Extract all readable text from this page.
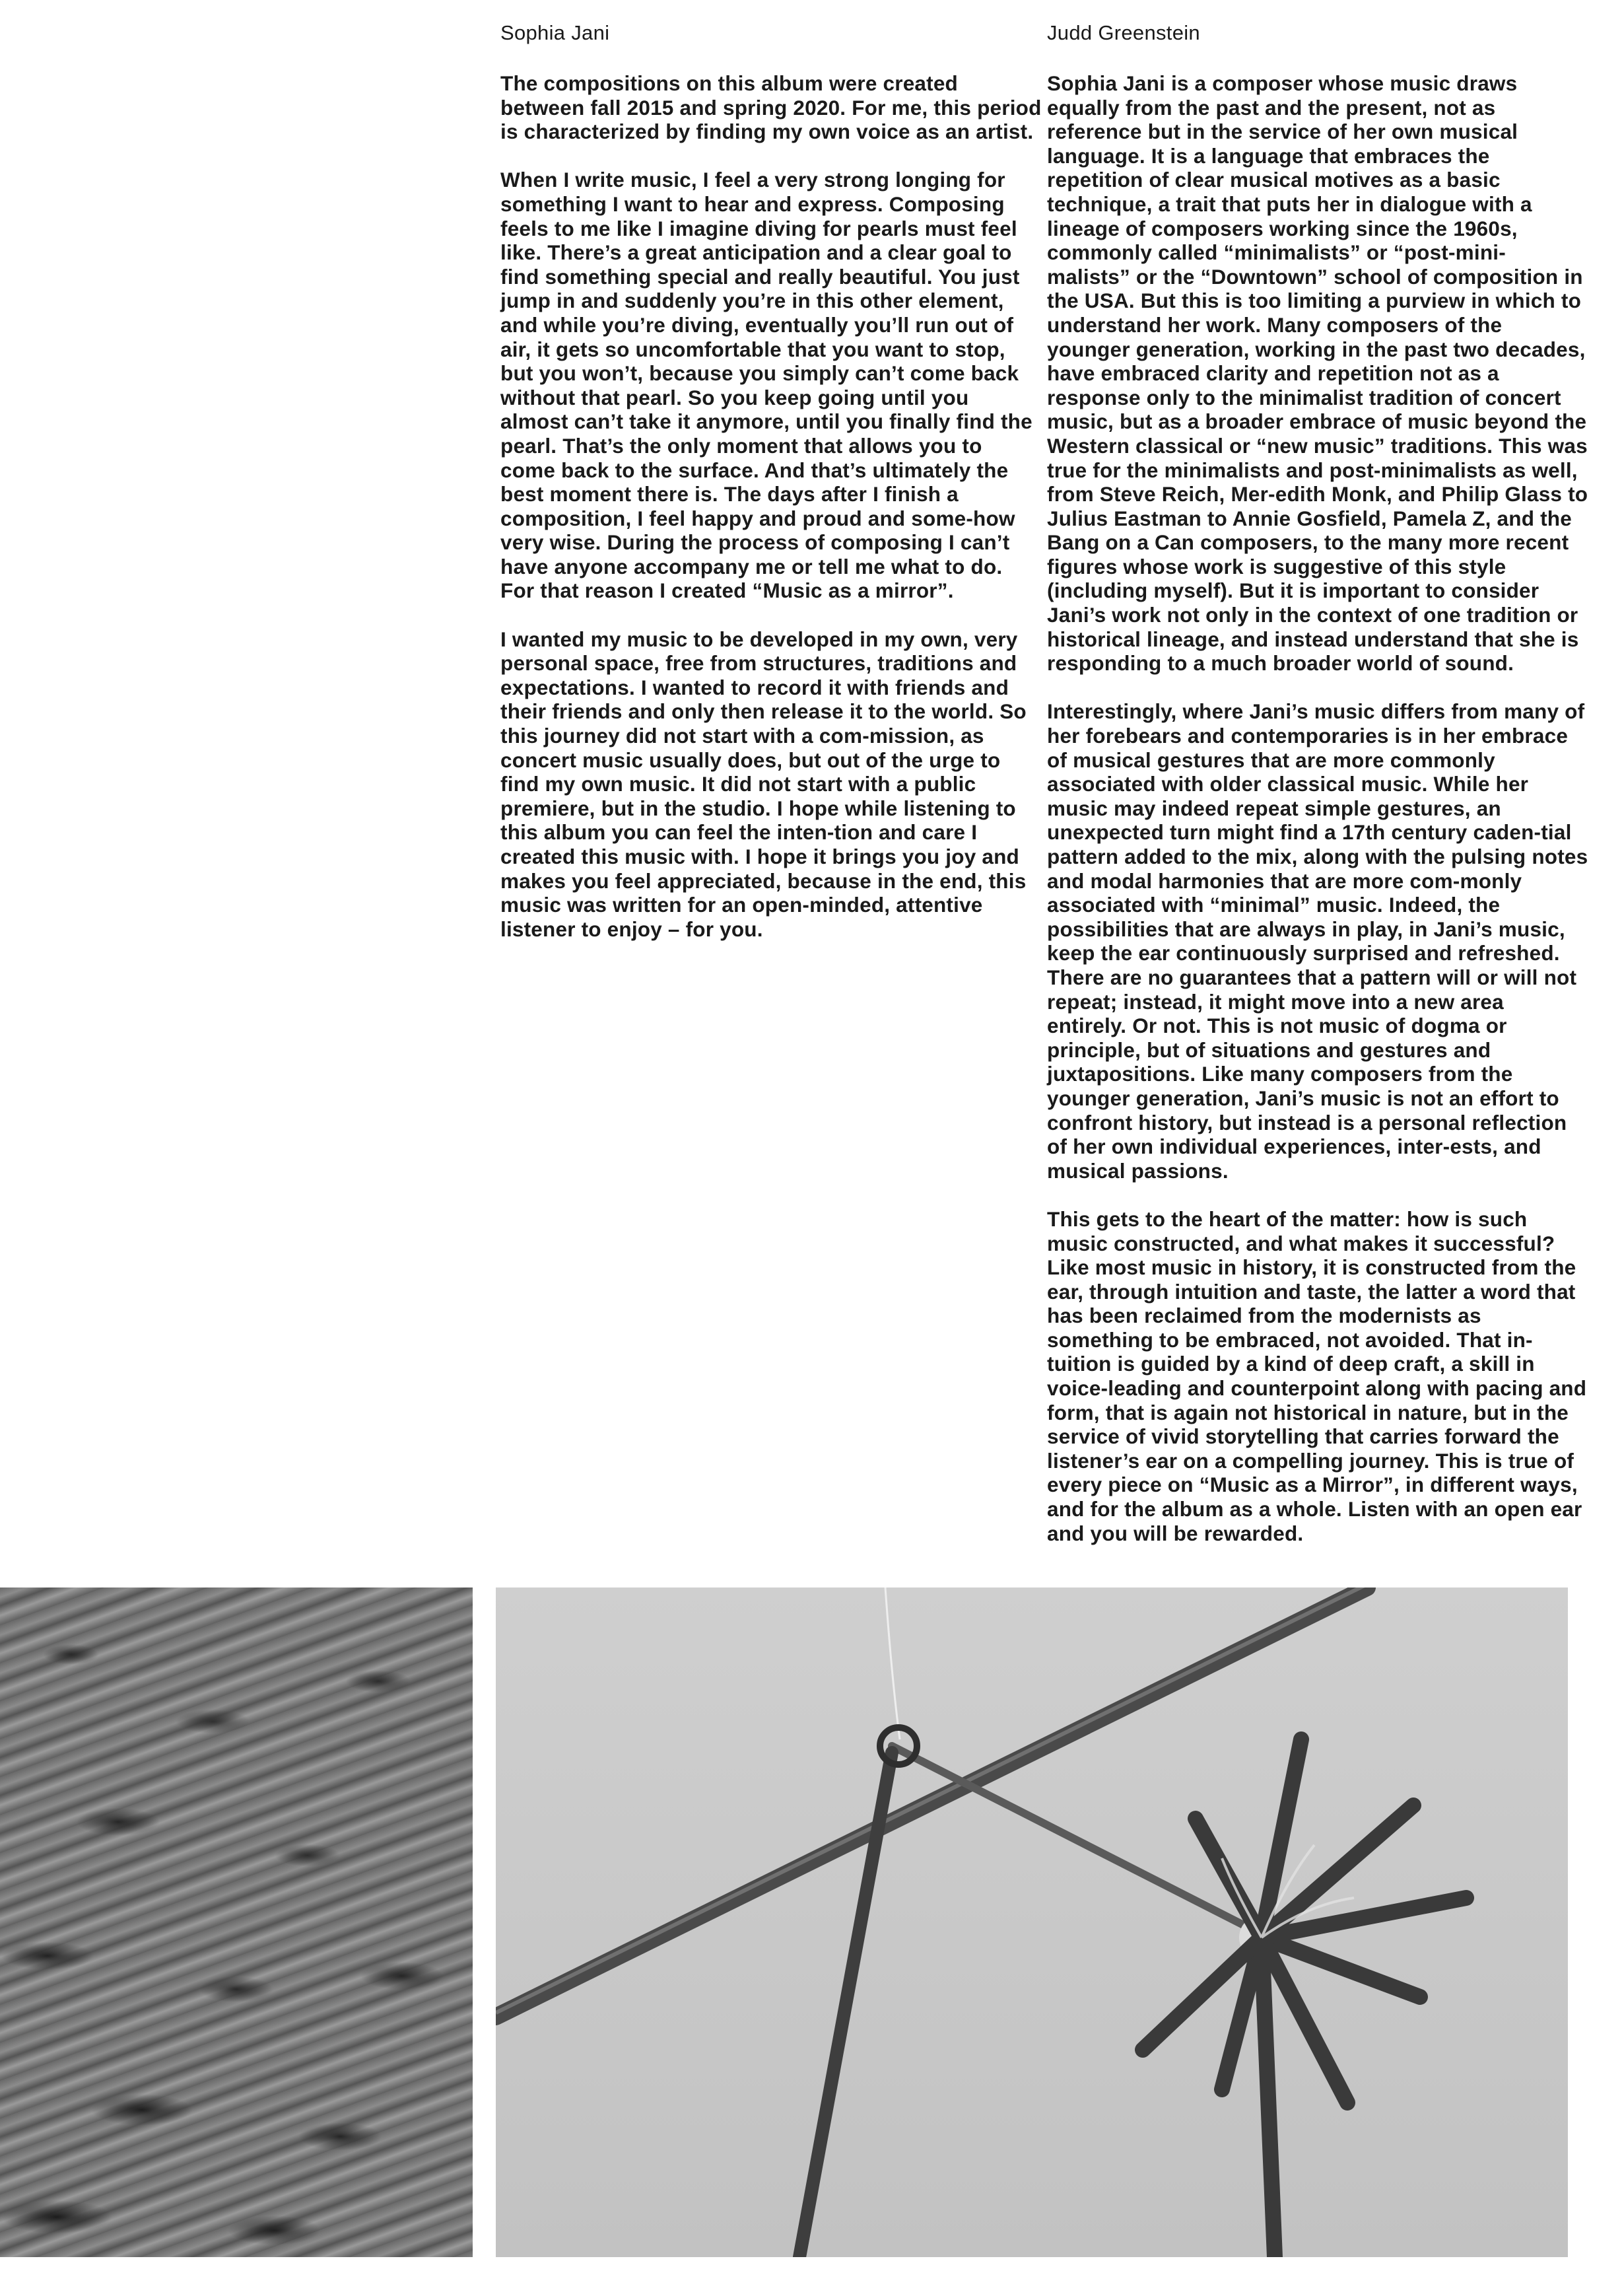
Sophia Jani

The compositions on this album were created between fall 2015 and spring 2020. For me, this period is characterized by finding my own voice as an artist.

When I write music, I feel a very strong longing for something I want to hear and express. Composing feels to me like I imagine diving for pearls must feel like. There’s a great anticipation and a clear goal to find something special and really beautiful. You just jump in and suddenly you’re in this other element, and while you’re diving, eventually you’ll run out of air, it gets so uncomfortable that you want to stop, but you won’t, because you simply can’t come back without that pearl. So you keep going until you almost can’t take it anymore, until you finally find the pearl. That’s the only moment that allows you to come back to the surface. And that’s ultimately the best moment there is. The days after I finish a composition, I feel happy and proud and some-how very wise. During the process of composing I can’t have anyone accompany me or tell me what to do. For that reason I created “Music as a mirror”.

I wanted my music to be developed in my own, very personal space, free from structures, traditions and expectations. I wanted to record it with friends and their friends and only then release it to the world. So this journey did not start with a com-mission, as concert music usually does, but out of the urge to find my own music. It did not start with a public premiere, but in the studio. I hope while listening to this album you can feel the inten-tion and care I created this music with. I hope it brings you joy and makes you feel appreciated, because in the end, this music was written for an open-minded, attentive listener to enjoy – for you.

Judd Greenstein

Sophia Jani is a composer whose music draws equally from the past and the present, not as reference but in the service of her own musical language. It is a language that embraces the repetition of clear musical motives as a basic technique, a trait that puts her in dialogue with a lineage of composers working since the 1960s, commonly called “minimalists” or “post-mini-malists” or the “Downtown” school of composition in the USA. But this is too limiting a purview in which to understand her work. Many composers of the younger generation, working in the past two decades, have embraced clarity and repetition not as a response only to the minimalist tradition of concert music, but as a broader embrace of music beyond the Western classical or “new music” traditions. This was true for the minimalists and post-minimalists as well, from Steve Reich, Mer-edith Monk, and Philip Glass to Julius Eastman to Annie Gosfield, Pamela Z, and the Bang on a Can composers, to the many more recent figures whose work is suggestive of this style (including myself). But it is important to consider Jani’s work not only in the context of one tradition or historical lineage, and instead understand that she is responding to a much broader world of sound.

Interestingly, where Jani’s music differs from many of her forebears and contemporaries is in her embrace of musical gestures that are more commonly associated with older classical music. While her music may indeed repeat simple gestures, an unexpected turn might find a 17th century caden-tial pattern added to the mix, along with the pulsing notes and modal harmonies that are more com-monly associated with “minimal” music. Indeed, the possibilities that are always in play, in Jani’s music, keep the ear continuously surprised and refreshed. There are no guarantees that a pattern will or will not repeat; instead, it might move into a new area entirely. Or not. This is not music of dogma or principle, but of situations and gestures and juxtapositions. Like many composers from the younger generation, Jani’s music is not an effort to confront history, but instead is a personal reflection of her own individual experiences, inter-ests, and musical passions.

This gets to the heart of the matter: how is such music constructed, and what makes it successful? Like most music in history, it is constructed from the ear, through intuition and taste, the latter a word that has been reclaimed from the modernists as something to be embraced, not avoided. That in-tuition is guided by a kind of deep craft, a skill in voice-leading and counterpoint along with pacing and form, that is again not historical in nature, but in the service of vivid storytelling that carries forward the listener’s ear on a compelling journey. This is true of every piece on “Music as a Mirror”, in different ways, and for the album as a whole. Listen with an open ear and you will be rewarded.
